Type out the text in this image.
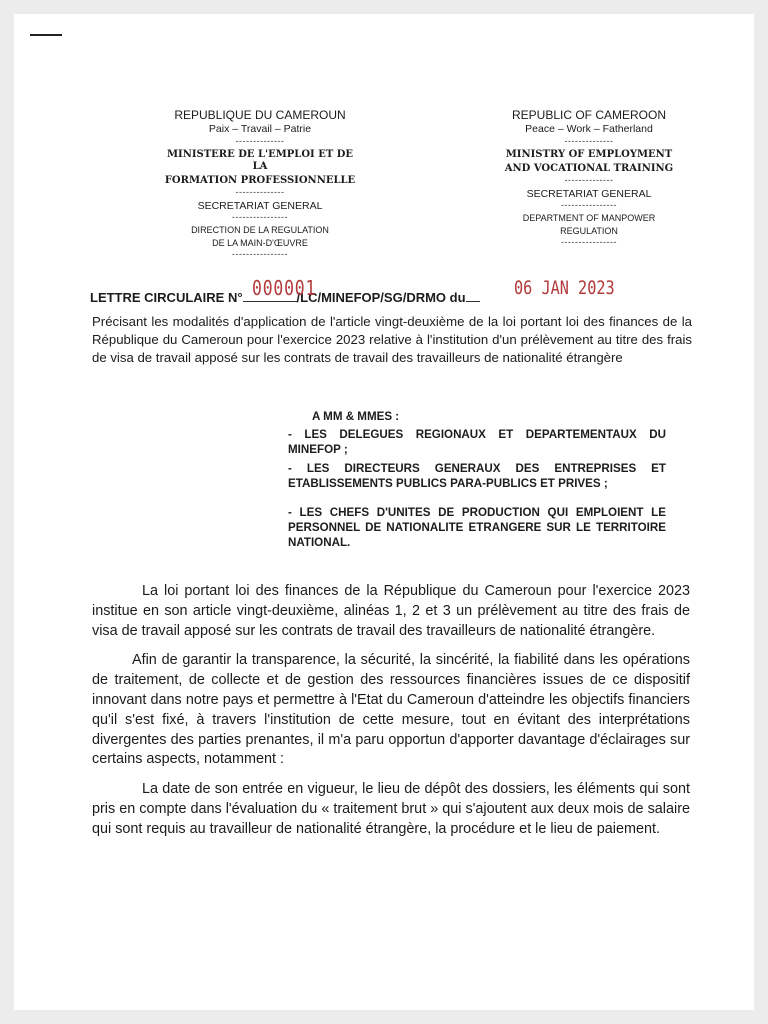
REPUBLIQUE DU CAMEROUN
Paix – Travail – Patrie
--------------
MINISTERE DE L'EMPLOI ET DE LA
FORMATION PROFESSIONNELLE
--------------
SECRETARIAT GENERAL
----------------
DIRECTION DE LA REGULATION
DE LA MAIN-D'ŒUVRE
----------------
REPUBLIC OF CAMEROON
Peace – Work – Fatherland
--------------
MINISTRY OF EMPLOYMENT
AND VOCATIONAL TRAINING
--------------
SECRETARIAT GENERAL
----------------
DEPARTMENT OF MANPOWER
REGULATION
----------------
LETTRE CIRCULAIRE N°	/LC/MINEFOP/SG/DRMO du
000001	06 JAN 2023
Précisant les modalités d'application de l'article vingt-deuxième de la loi portant loi des finances de la République du Cameroun pour l'exercice 2023 relative à l'institution d'un prélèvement au titre des frais de visa de travail apposé sur les contrats de travail des travailleurs de nationalité étrangère
A MM & MMES :
- LES DELEGUES REGIONAUX ET DEPARTEMENTAUX DU MINEFOP ;
- LES DIRECTEURS GENERAUX DES ENTREPRISES ET ETABLISSEMENTS PUBLICS PARA-PUBLICS ET PRIVES ;
- LES CHEFS D'UNITES DE PRODUCTION QUI EMPLOIENT LE PERSONNEL DE NATIONALITE ETRANGERE SUR LE TERRITOIRE NATIONAL.

La loi portant loi des finances de la République du Cameroun pour l'exercice 2023 institue en son article vingt-deuxième, alinéas 1, 2 et 3 un prélèvement au titre des frais de visa de travail apposé sur les contrats de travail des travailleurs de nationalité étrangère.

Afin de garantir la transparence, la sécurité, la sincérité, la fiabilité dans les opérations de traitement, de collecte et de gestion des ressources financières issues de ce dispositif innovant dans notre pays et permettre à l'Etat du Cameroun d'atteindre les objectifs financiers qu'il s'est fixé, à travers l'institution de cette mesure, tout en évitant des interprétations divergentes des parties prenantes, il m'a paru opportun d'apporter davantage d'éclairages sur certains aspects, notamment :

La date de son entrée en vigueur, le lieu de dépôt des dossiers, les éléments qui sont pris en compte dans l'évaluation du « traitement brut » qui s'ajoutent aux deux mois de salaire qui sont requis au travailleur de nationalité étrangère, la procédure et le lieu de paiement.
